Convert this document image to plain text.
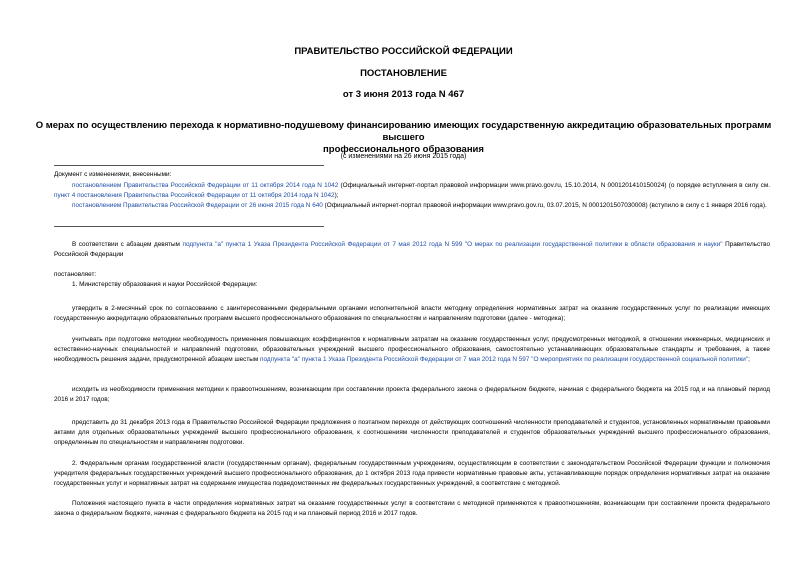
ПРАВИТЕЛЬСТВО РОССИЙСКОЙ ФЕДЕРАЦИИ
ПОСТАНОВЛЕНИЕ
от 3 июня 2013 года N 467
О мерах по осуществлению перехода к нормативно-подушевому финансированию имеющих государственную аккредитацию образовательных программ высшего
профессионального образования
(с изменениями на 26 июня 2015 года)
Документ с изменениями, внесенными:
постановлением Правительства Российской Федерации от 11 октября 2014 года N 1042 (Официальный интернет-портал правовой информации www.pravo.gov.ru, 15.10.2014, N 0001201410150024) (о порядке вступления в силу см. пункт 4 постановления Правительства Российской Федерации от 11 октября 2014 года N 1042);
постановлением Правительства Российской Федерации от 26 июня 2015 года N 640 (Официальный интернет-портал правовой информации www.pravo.gov.ru, 03.07.2015, N 0001201507030008) (вступило в силу с 1 января 2016 года).
В соответствии с абзацем девятым подпункта "а" пункта 1 Указа Президента Российской Федерации от 7 мая 2012 года N 599 "О мерах по реализации государственной политики в области образования и науки" Правительство Российской Федерации
постановляет:
1. Министерству образования и науки Российской Федерации:
утвердить в 2-месячный срок по согласованию с заинтересованными федеральными органами исполнительной власти методику определения нормативных затрат на оказание государственных услуг по реализации имеющих государственную аккредитацию образовательных программ высшего профессионального образования по специальностям и направлениям подготовки (далее - методика);
учитывать при подготовке методики необходимость применения повышающих коэффициентов к нормативным затратам на оказание государственных услуг, предусмотренных методикой, в отношении инженерных, медицинских и естественно-научных специальностей и направлений подготовки, образовательных учреждений высшего профессионального образования, самостоятельно устанавливающих образовательные стандарты и требования, а также необходимость решения задачи, предусмотренной абзацем шестым подпункта "а" пункта 1 Указа Президента Российской Федерации от 7 мая 2012 года N 597 "О мероприятиях по реализации государственной социальной политики";
исходить из необходимости применения методики к правоотношениям, возникающим при составлении проекта федерального закона о федеральном бюджете, начиная с федерального бюджета на 2015 год и на плановый период 2016 и 2017 годов;
представить до 31 декабря 2013 года в Правительство Российской Федерации предложения о поэтапном переходе от действующих соотношений численности преподавателей и студентов, установленных нормативными правовыми актами для отдельных образовательных учреждений высшего профессионального образования, к соотношениям численности преподавателей и студентов образовательных учреждений высшего профессионального образования, определенным по специальностям и направлениям подготовки.
2. Федеральным органам государственной власти (государственным органам), федеральным государственным учреждениям, осуществляющим в соответствии с законодательством Российской Федерации функции и полномочия учредителя федеральных государственных учреждений высшего профессионального образования, до 1 октября 2013 года привести нормативные правовые акты, устанавливающие порядок определения нормативных затрат на оказание государственных услуг и нормативных затрат на содержание имущества подведомственных им федеральных государственных учреждений, в соответствие с методикой.
Положения настоящего пункта в части определения нормативных затрат на оказание государственных услуг в соответствии с методикой применяются к правоотношениям, возникающим при составлении проекта федерального закона о федеральном бюджете, начиная с федерального бюджета на 2015 год и на плановый период 2016 и 2017 годов.
